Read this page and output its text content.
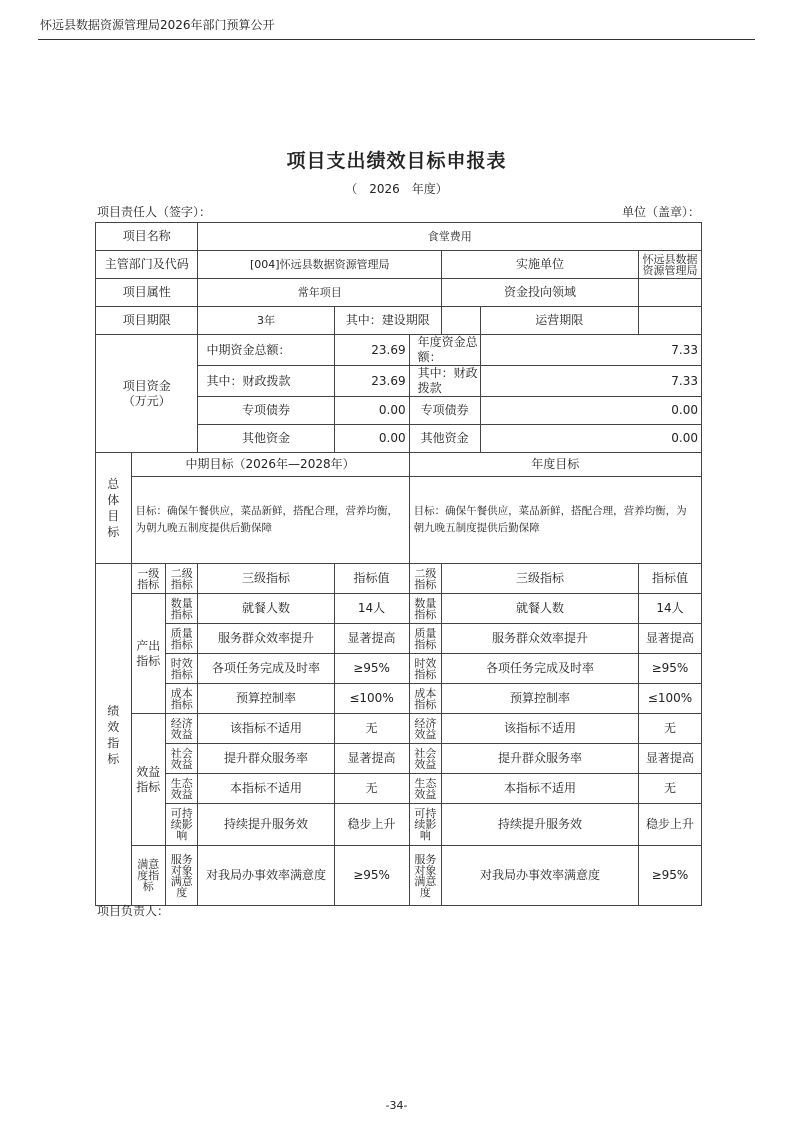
怀远县数据资源管理局2026年部门预算公开
项目支出绩效目标申报表
（　2026　年度）
项目责任人（签字）：	单位（盖章）：
项目名称			食堂费用					
主管部门及代码			[004]怀远县数据资源管理局			实施单位		怀远县数据资源管理局
项目属性			常年项目			资金投向领域		
项目期限			3年	其中：建设期限			运营期限	

项目资金
（万元）			中期资金总额：	23.69	年度资金总额：		7.33	
			其中：财政拨款	23.69	其中：财政拨款		7.33	
			专项债券	0.00	专项债券		0.00	
			其他资金	0.00	其他资金		0.00	

总体目标	中期目标（2026年—2028年）				年度目标			
	目标：确保午餐供应，菜品新鲜，搭配合理，营养均衡，为朝九晚五制度提供后勤保障				目标：确保午餐供应，菜品新鲜，搭配合理，营养均衡，为朝九晚五制度提供后勤保障			

绩效指标	一级指标	二级指标	三级指标	指标值	二级指标	三级指标		指标值
	产出指标	数量指标	就餐人数	14人	数量指标	就餐人数		14人
		质量指标	服务群众效率提升	显著提高	质量指标	服务群众效率提升		显著提高
		时效指标	各项任务完成及时率	≥95%	时效指标	各项任务完成及时率		≥95%
		成本指标	预算控制率	≤100%	成本指标	预算控制率		≤100%
	效益指标	经济效益	该指标不适用	无	经济效益	该指标不适用		无
		社会效益	提升群众服务率	显著提高	社会效益	提升群众服务率		显著提高
		生态效益	本指标不适用	无	生态效益	本指标不适用		无
		可持续影响	持续提升服务效	稳步上升	可持续影响	持续提升服务效		稳步上升
	满意度指标	服务对象满意度	对我局办事效率满意度	≥95%	服务对象满意度	对我局办事效率满意度		≥95%
项目负责人：
-34-
